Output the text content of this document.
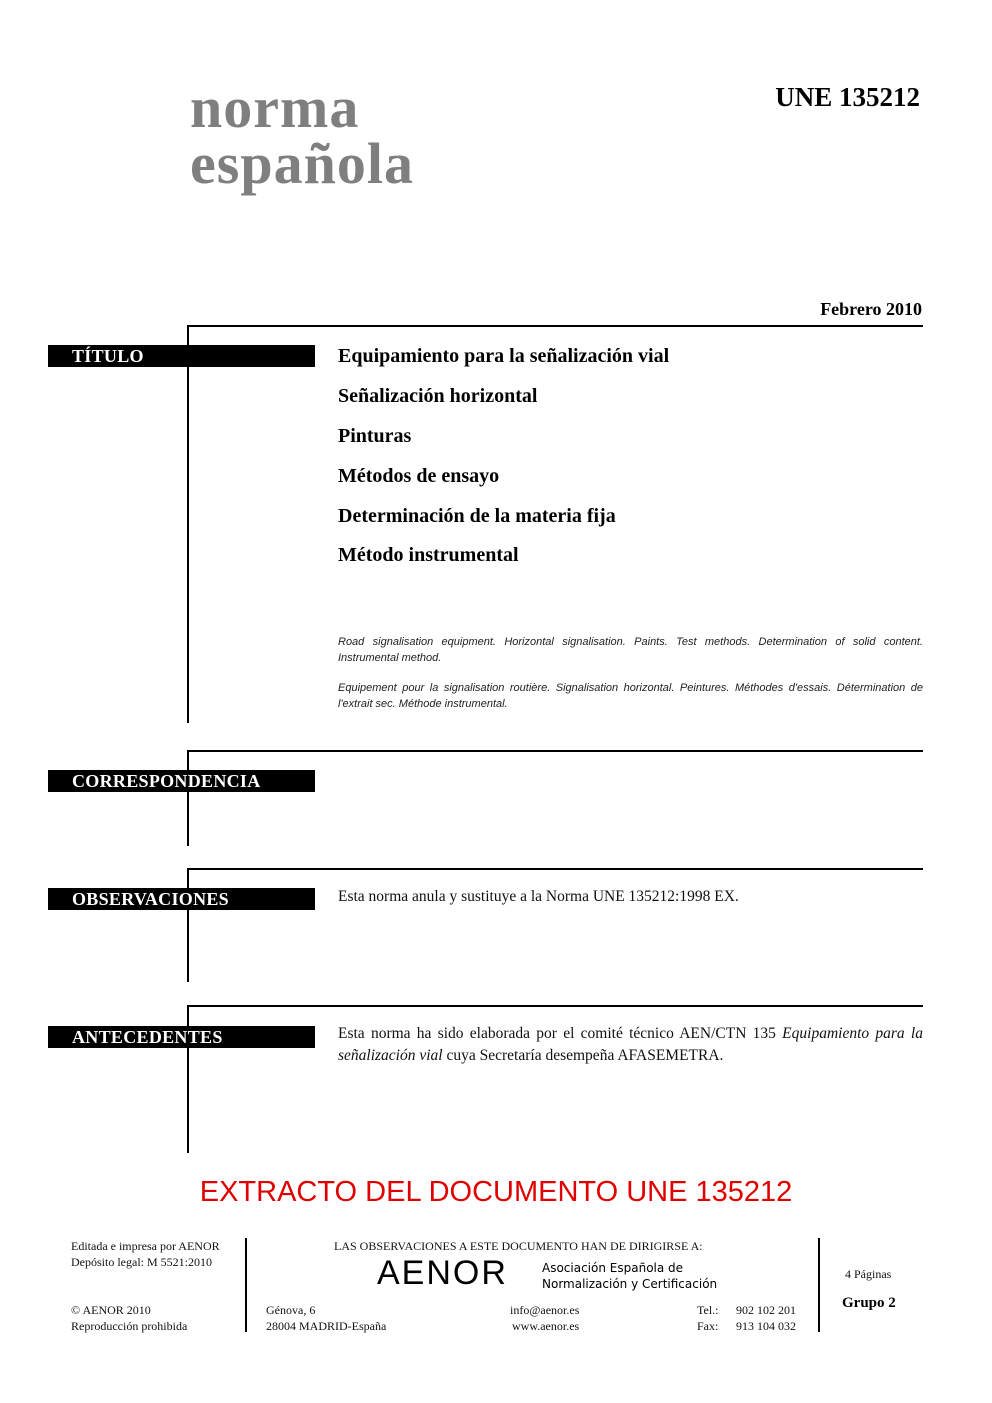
norma
española
UNE 135212
Febrero 2010
TÍTULO	Equipamiento para la señalización vial
Señalización horizontal
Pinturas
Métodos de ensayo
Determinación de la materia fija
Método instrumental
Road signalisation equipment. Horizontal signalisation. Paints. Test methods. Determination of solid content. Instrumental method.
Equipement pour la signalisation routière. Signalisation horizontal. Peintures. Méthodes d'essais. Détermination de l'extrait sec. Méthode instrumental.
CORRESPONDENCIA
OBSERVACIONES	Esta norma anula y sustituye a la Norma UNE 135212:1998 EX.
ANTECEDENTES	Esta norma ha sido elaborada por el comité técnico AEN/CTN 135 Equipamiento para la señalización vial cuya Secretaría desempeña AFASEMETRA.
EXTRACTO DEL DOCUMENTO UNE 135212
Editada e impresa por AENOR
Depósito legal: M 5521:2010
© AENOR 2010
Reproducción prohibida
LAS OBSERVACIONES A ESTE DOCUMENTO HAN DE DIRIGIRSE A:
AENOR	Asociación Española de
Normalización y Certificación
Génova, 6
28004 MADRID-España
info@aenor.es
www.aenor.es
Tel.: 902 102 201
Fax: 913 104 032
4 Páginas
Grupo 2
